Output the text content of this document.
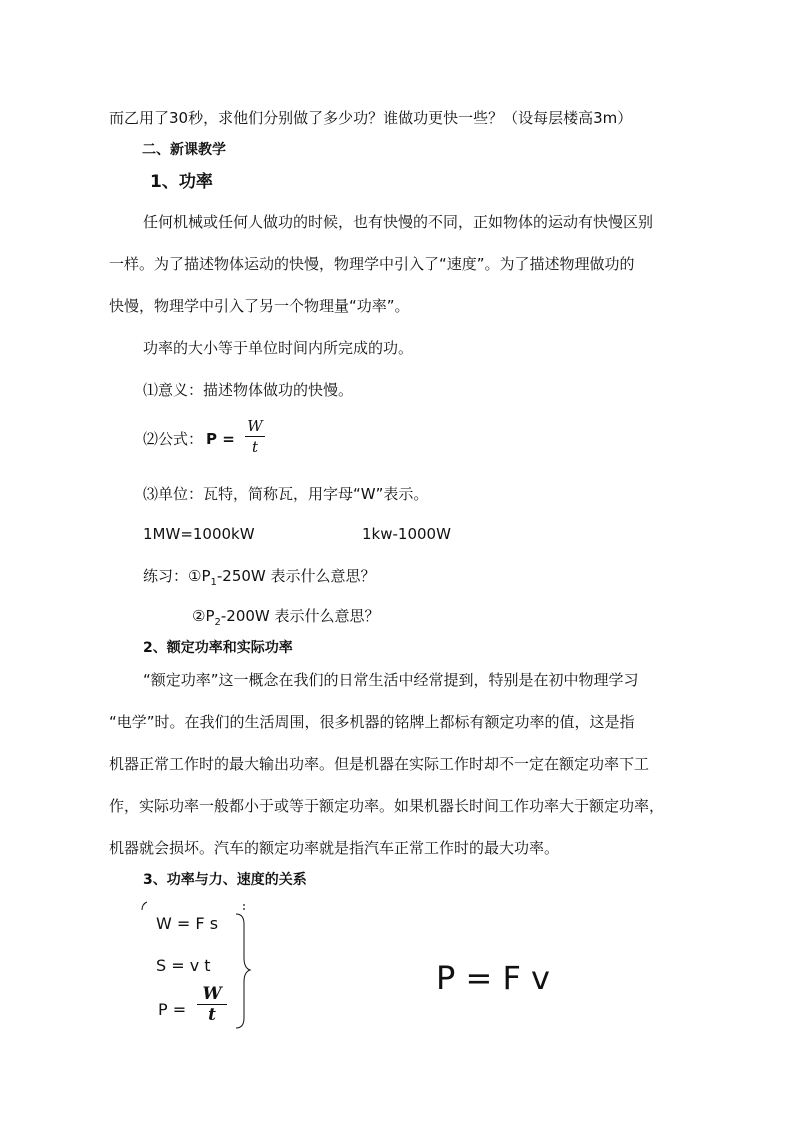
而乙用了30秒，求他们分别做了多少功？谁做功更快一些？（设每层楼高3m）
二、新课教学
1、功率
任何机械或任何人做功的时候，也有快慢的不同，正如物体的运动有快慢区别
一样。为了描述物体运动的快慢，物理学中引入了“速度”。为了描述物理做功的
快慢，物理学中引入了另一个物理量“功率”。
功率的大小等于单位时间内所完成的功。
⑴意义：描述物体做功的快慢。
⑵公式： P =
W
t
⑶单位：瓦特，简称瓦，用字母“W”表示。
1MW=1000kW	1kw-1000W
练习：$①P_1-250W$ 表示什么意思？
$②P_2-200W$ 表示什么意思？
2、额定功率和实际功率
“额定功率”这一概念在我们的日常生活中经常提到，特别是在初中物理学习
“电学”时。在我们的生活周围，很多机器的铭牌上都标有额定功率的值，这是指
机器正常工作时的最大输出功率。但是机器在实际工作时却不一定在额定功率下工
作，实际功率一般都小于或等于额定功率。如果机器长时间工作功率大于额定功率，
机器就会损坏。汽车的额定功率就是指汽车正常工作时的最大功率。
3、功率与力、速度的关系
W = F s
S = v t
P =
W
t
P = F v
